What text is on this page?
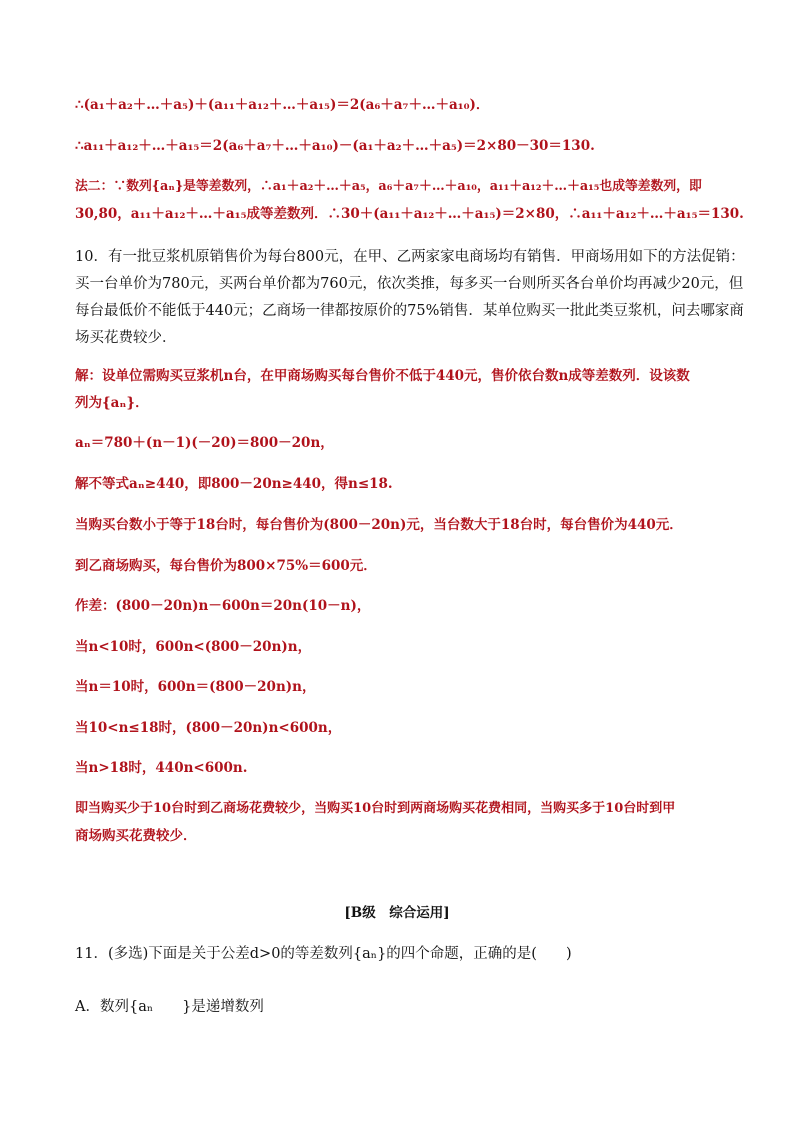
∴(a₁＋a₂＋…＋a₅)＋(a₁₁＋a₁₂＋…＋a₁₅)＝2(a₆＋a₇＋…＋a₁₀)．

∴a₁₁＋a₁₂＋…＋a₁₅＝2(a₆＋a₇＋…＋a₁₀)－(a₁＋a₂＋…＋a₅)＝2×80－30＝130.

法二：∵数列{aₙ}是等差数列，∴a₁＋a₂＋…＋a₅，a₆＋a₇＋…＋a₁₀，a₁₁＋a₁₂＋…＋a₁₅也成等差数列，即

30,80，a₁₁＋a₁₂＋…＋a₁₅成等差数列．∴30＋(a₁₁＋a₁₂＋…＋a₁₅)＝2×80，∴a₁₁＋a₁₂＋…＋a₁₅＝130.

10．有一批豆浆机原销售价为每台800元，在甲、乙两家家电商场均有销售．甲商场用如下的方法促销：

买一台单价为780元，买两台单价都为760元，依次类推，每多买一台则所买各台单价均再减少20元，但

每台最低价不能低于440元；乙商场一律都按原价的75%销售．某单位购买一批此类豆浆机，问去哪家商

场买花费较少．

解：设单位需购买豆浆机n台，在甲商场购买每台售价不低于440元，售价依台数n成等差数列．设该数

列为{aₙ}．

aₙ＝780＋(n－1)(－20)＝800－20n，

解不等式aₙ≥440，即800－20n≥440，得n≤18.

当购买台数小于等于18台时，每台售价为(800－20n)元，当台数大于18台时，每台售价为440元．

到乙商场购买，每台售价为800×75%＝600元．

作差：(800－20n)n－600n＝20n(10－n)，

当n<10时，600n<(800－20n)n，

当n＝10时，600n＝(800－20n)n，

当10<n≤18时，(800－20n)n<600n，

当n>18时，440n<600n.

即当购买少于10台时到乙商场花费较少，当购买10台时到两商场购买花费相同，当购买多于10台时到甲

商场购买花费较少．

[B级　综合运用]

11．(多选)下面是关于公差d>0的等差数列{aₙ}的四个命题，正确的是(　　)

A．数列{aₙ　　}是递增数列
